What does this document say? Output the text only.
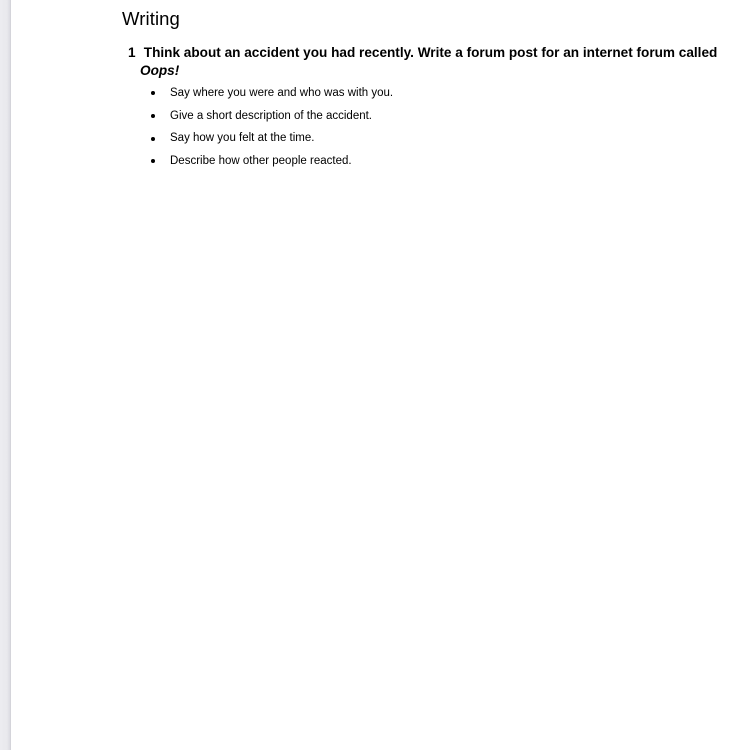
Writing
1 Think about an accident you had recently. Write a forum post for an internet forum called
Oops!
Say where you were and who was with you.
Give a short description of the accident.
Say how you felt at the time.
Describe how other people reacted.
